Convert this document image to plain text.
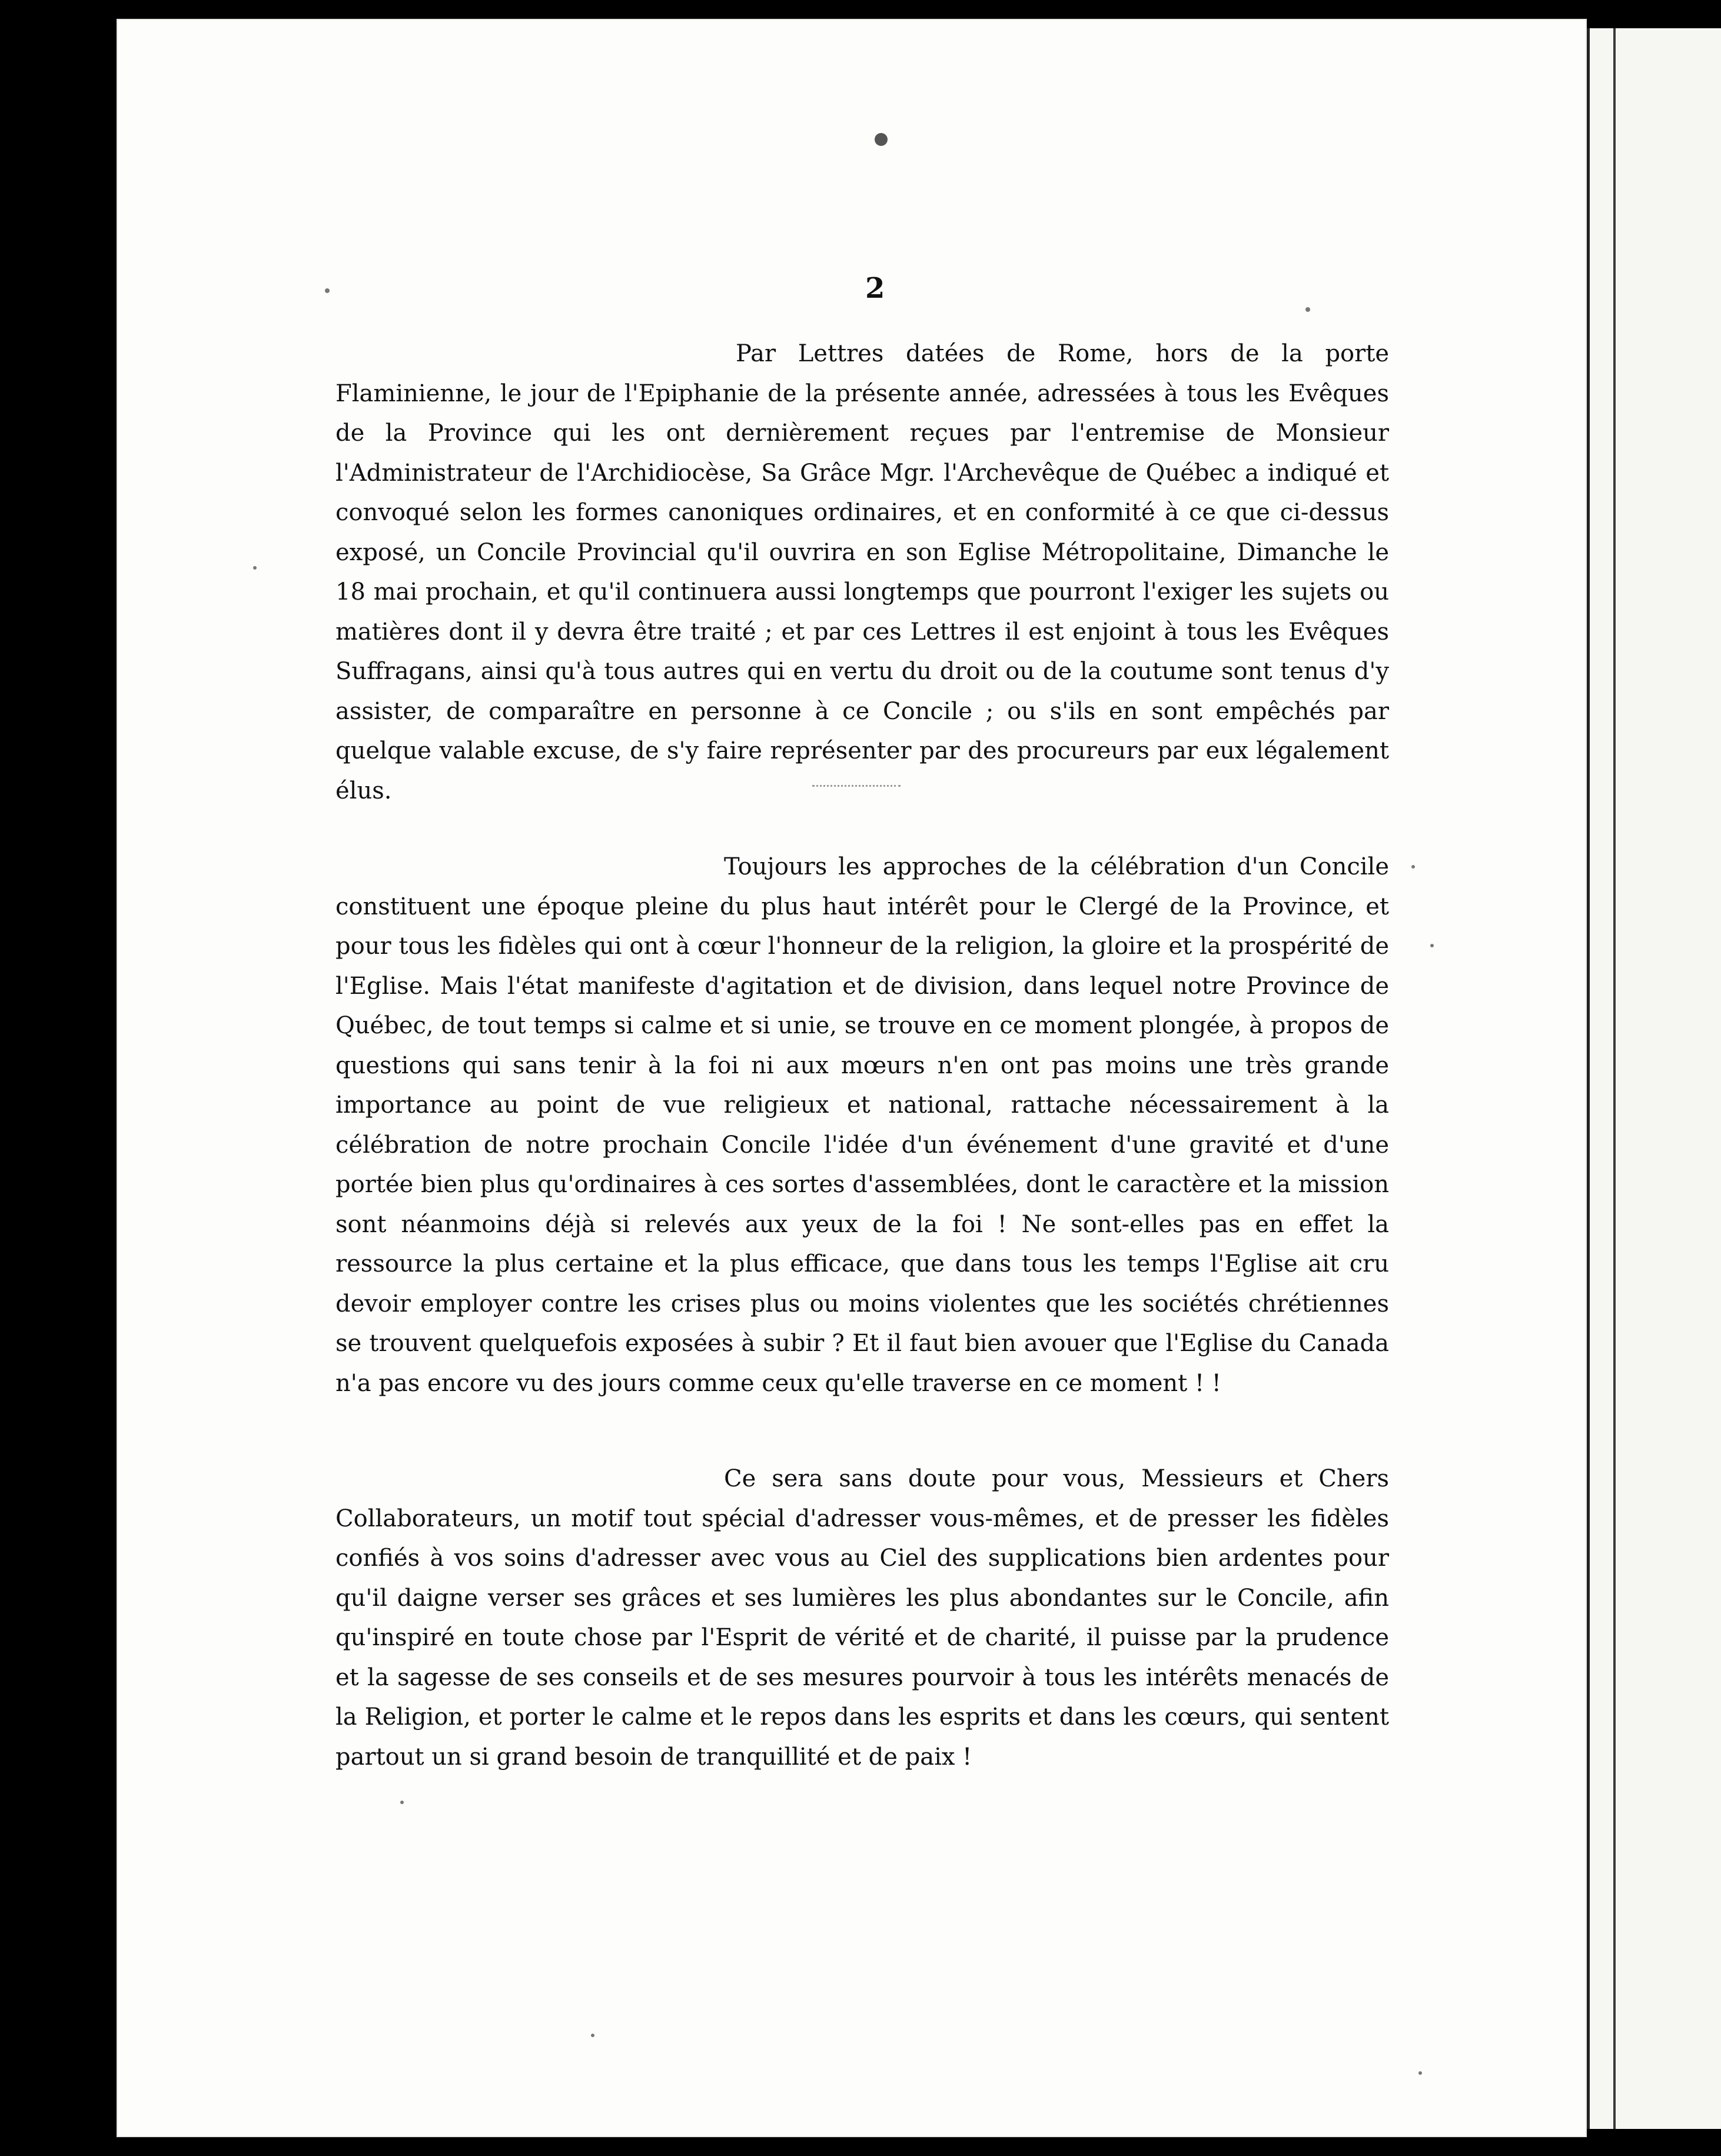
2

Par Lettres datées de Rome, hors de la porte Flaminienne, le jour de l'Epiphanie de la présente année, adressées à tous les Evêques de la Province qui les ont dernièrement reçues par l'entremise de Monsieur l'Administrateur de l'Archidiocèse, Sa Grâce Mgr. l'Archevêque de Québec a indiqué et convoqué selon les formes canoniques ordinaires, et en conformité à ce que ci-dessus exposé, un Concile Provincial qu'il ouvrira en son Eglise Métropolitaine, Dimanche le 18 mai prochain, et qu'il continuera aussi longtemps que pourront l'exiger les sujets ou matières dont il y devra être traité ; et par ces Lettres il est enjoint à tous les Evêques Suffragans, ainsi qu'à tous autres qui en vertu du droit ou de la coutume sont tenus d'y assister, de comparaître en personne à ce Concile ; ou s'ils en sont empêchés par quelque valable excuse, de s'y faire représenter par des procureurs par eux légalement élus.

Toujours les approches de la célébration d'un Concile constituent une époque pleine du plus haut intérêt pour le Clergé de la Province, et pour tous les fidèles qui ont à cœur l'honneur de la religion, la gloire et la prospérité de l'Eglise. Mais l'état manifeste d'agitation et de division, dans lequel notre Province de Québec, de tout temps si calme et si unie, se trouve en ce moment plongée, à propos de questions qui sans tenir à la foi ni aux mœurs n'en ont pas moins une très grande importance au point de vue religieux et national, rattache nécessairement à la célébration de notre prochain Concile l'idée d'un événement d'une gravité et d'une portée bien plus qu'ordinaires à ces sortes d'assemblées, dont le caractère et la mission sont néanmoins déjà si relevés aux yeux de la foi ! Ne sont-elles pas en effet la ressource la plus certaine et la plus efficace, que dans tous les temps l'Eglise ait cru devoir employer contre les crises plus ou moins violentes que les sociétés chrétiennes se trouvent quelquefois exposées à subir ? Et il faut bien avouer que l'Eglise du Canada n'a pas encore vu des jours comme ceux qu'elle traverse en ce moment ! !

Ce sera sans doute pour vous, Messieurs et Chers Collaborateurs, un motif tout spécial d'adresser vous-mêmes, et de presser les fidèles confiés à vos soins d'adresser avec vous au Ciel des supplications bien ardentes pour qu'il daigne verser ses grâces et ses lumières les plus abondantes sur le Concile, afin qu'inspiré en toute chose par l'Esprit de vérité et de charité, il puisse par la prudence et la sagesse de ses conseils et de ses mesures pourvoir à tous les intérêts menacés de la Religion, et porter le calme et le repos dans les esprits et dans les cœurs, qui sentent partout un si grand besoin de tranquillité et de paix !
